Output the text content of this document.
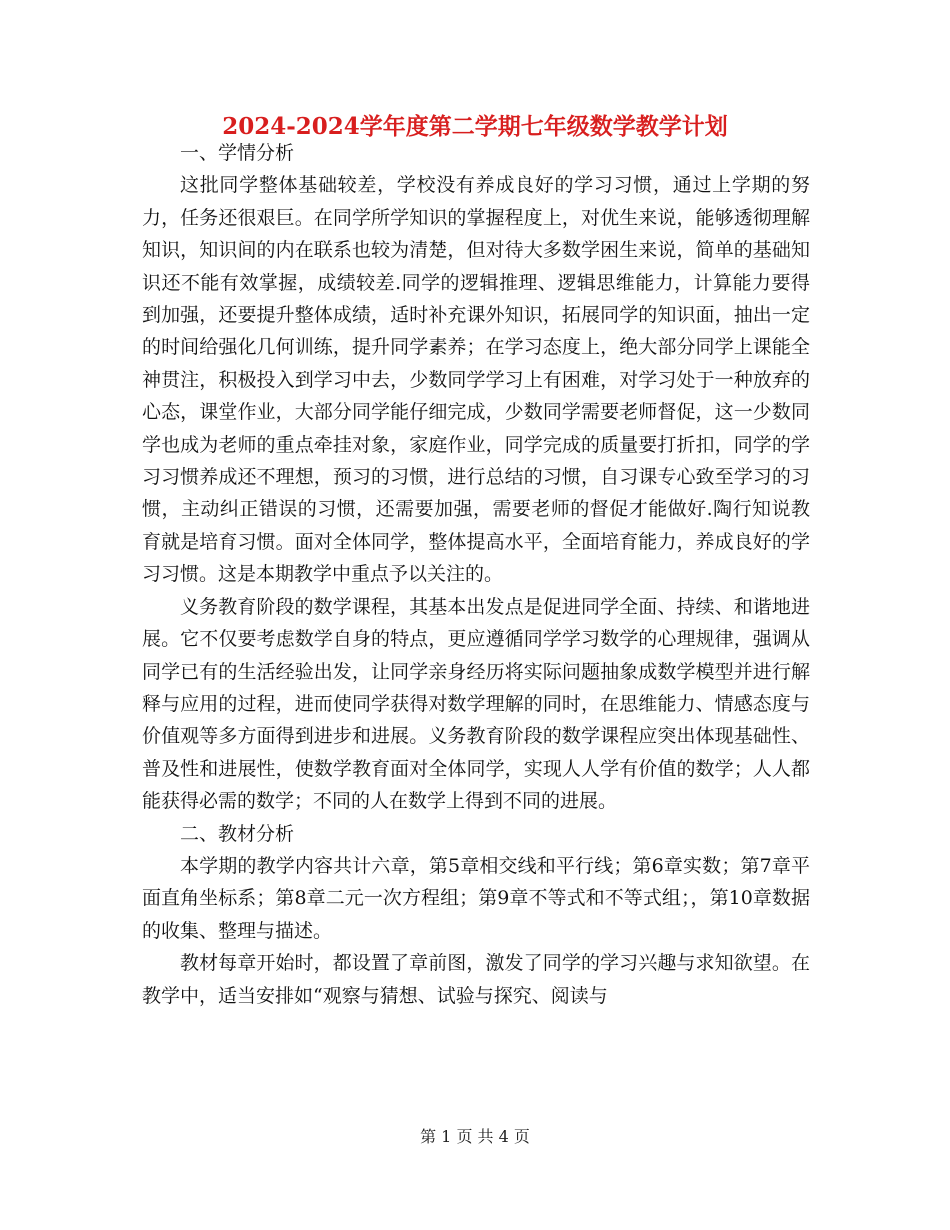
2024-2024学年度第二学期七年级数学教学计划

一、学情分析

这批同学整体基础较差，学校没有养成良好的学习习惯，通过上学期的努力，任务还很艰巨。在同学所学知识的掌握程度上，对优生来说，能够透彻理解知识，知识间的内在联系也较为清楚，但对待大多数学困生来说，简单的基础知识还不能有效掌握，成绩较差.同学的逻辑推理、逻辑思维能力，计算能力要得到加强，还要提升整体成绩，适时补充课外知识，拓展同学的知识面，抽出一定的时间给强化几何训练，提升同学素养；在学习态度上，绝大部分同学上课能全神贯注，积极投入到学习中去，少数同学学习上有困难，对学习处于一种放弃的心态，课堂作业，大部分同学能仔细完成，少数同学需要老师督促，这一少数同学也成为老师的重点牵挂对象，家庭作业，同学完成的质量要打折扣，同学的学习习惯养成还不理想，预习的习惯，进行总结的习惯，自习课专心致至学习的习惯，主动纠正错误的习惯，还需要加强，需要老师的督促才能做好.陶行知说教育就是培育习惯。面对全体同学，整体提高水平，全面培育能力，养成良好的学习习惯。这是本期教学中重点予以关注的。

义务教育阶段的数学课程，其基本出发点是促进同学全面、持续、和谐地进展。它不仅要考虑数学自身的特点，更应遵循同学学习数学的心理规律，强调从同学已有的生活经验出发，让同学亲身经历将实际问题抽象成数学模型并进行解释与应用的过程，进而使同学获得对数学理解的同时，在思维能力、情感态度与价值观等多方面得到进步和进展。义务教育阶段的数学课程应突出体现基础性、普及性和进展性，使数学教育面对全体同学，实现人人学有价值的数学；人人都能获得必需的数学；不同的人在数学上得到不同的进展。

二、教材分析

本学期的教学内容共计六章，第5章相交线和平行线；第6章实数；第7章平面直角坐标系；第8章二元一次方程组；第9章不等式和不等式组；，第10章数据的收集、整理与描述。

教材每章开始时，都设置了章前图，激发了同学的学习兴趣与求知欲望。在教学中，适当安排如“观察与猜想、试验与探究、阅读与

第 1 页 共 4 页
